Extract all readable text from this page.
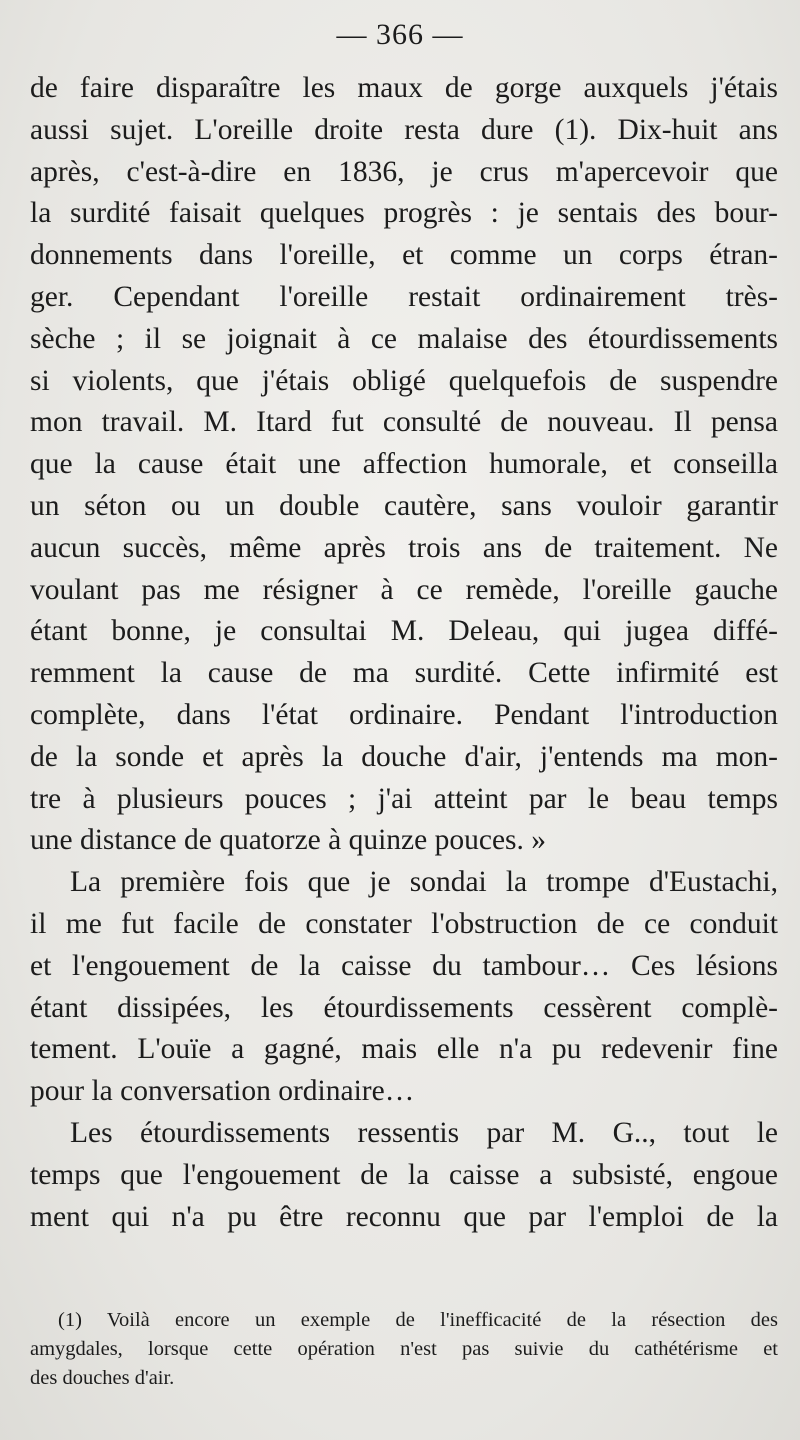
— 366 —
de faire disparaître les maux de gorge auxquels j'étais
aussi sujet. L'oreille droite resta dure (1). Dix-huit ans
après, c'est-à-dire en 1836, je crus m'apercevoir que
la surdité faisait quelques progrès : je sentais des bour-
donnements dans l'oreille, et comme un corps étran-
ger. Cependant l'oreille restait ordinairement très-
sèche ; il se joignait à ce malaise des étourdissements
si violents, que j'étais obligé quelquefois de suspendre
mon travail. M. Itard fut consulté de nouveau. Il pensa
que la cause était une affection humorale, et conseilla
un séton ou un double cautère, sans vouloir garantir
aucun succès, même après trois ans de traitement. Ne
voulant pas me résigner à ce remède, l'oreille gauche
étant bonne, je consultai M. Deleau, qui jugea diffé-
remment la cause de ma surdité. Cette infirmité est
complète, dans l'état ordinaire. Pendant l'introduction
de la sonde et après la douche d'air, j'entends ma mon-
tre à plusieurs pouces ; j'ai atteint par le beau temps
une distance de quatorze à quinze pouces. »
La première fois que je sondai la trompe d'Eustachi,
il me fut facile de constater l'obstruction de ce conduit
et l'engouement de la caisse du tambour… Ces lésions
étant dissipées, les étourdissements cessèrent complè-
tement. L'ouïe a gagné, mais elle n'a pu redevenir fine
pour la conversation ordinaire…
Les étourdissements ressentis par M. G.., tout le
temps que l'engouement de la caisse a subsisté, engoue
ment qui n'a pu être reconnu que par l'emploi de la
(1) Voilà encore un exemple de l'inefficacité de la résection des
amygdales, lorsque cette opération n'est pas suivie du cathétérisme et
des douches d'air.
